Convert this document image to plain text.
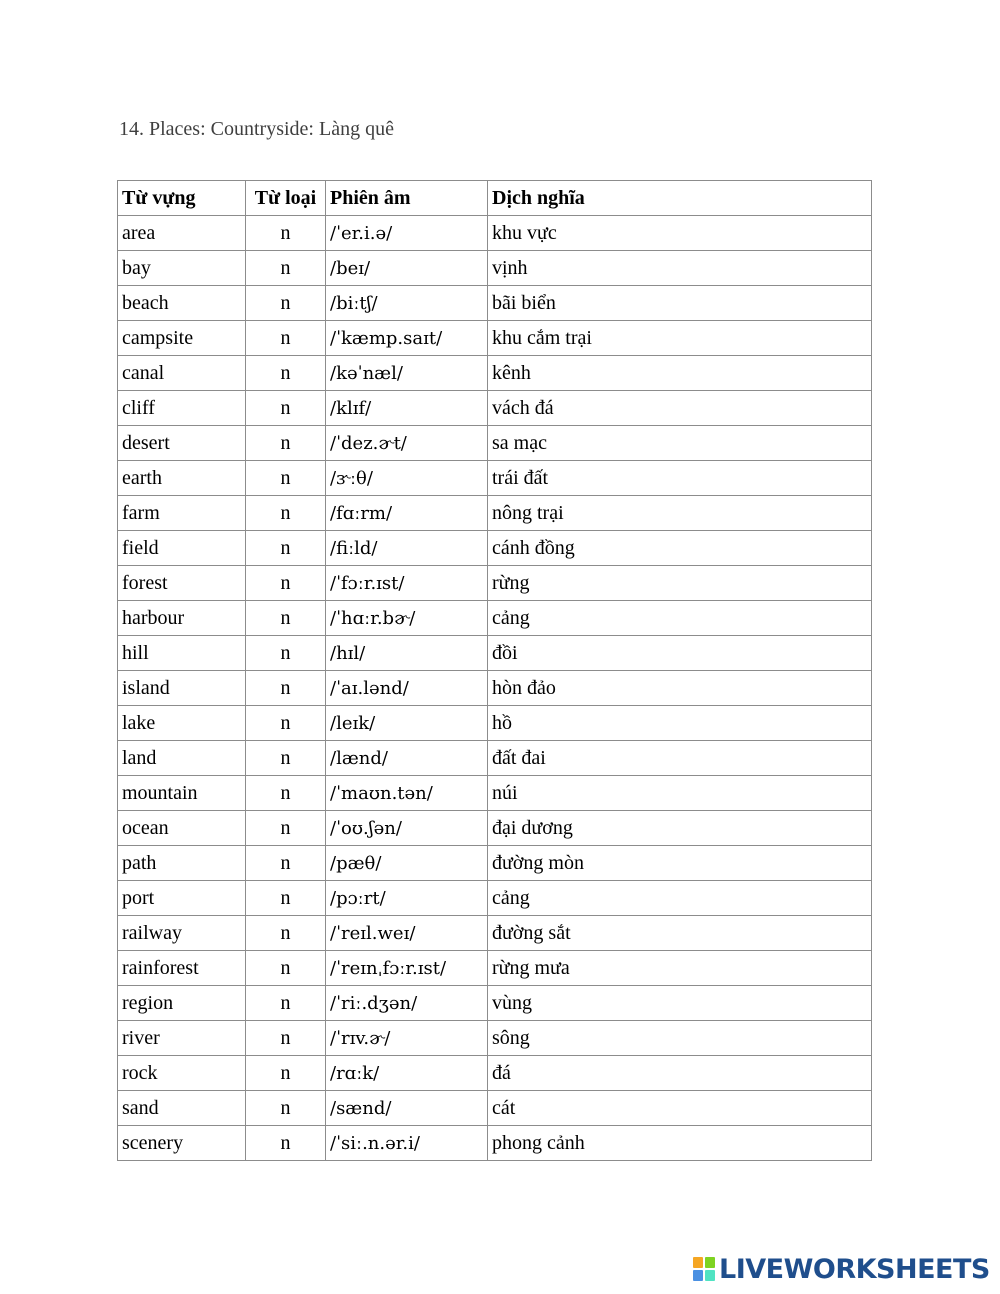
14. Places: Countryside: Làng quê
Từ vựng	Từ loại	Phiên âm	Dịch nghĩa
area	n	/ˈer.i.ə/	khu vực
bay	n	/beɪ/	vịnh
beach	n	/biːtʃ/	bãi biển
campsite	n	/ˈkæmp.saɪt/	khu cắm trại
canal	n	/kəˈnæl/	kênh
cliff	n	/klɪf/	vách đá
desert	n	/ˈdez.ɚt/	sa mạc
earth	n	/ɝːθ/	trái đất
farm	n	/fɑːrm/	nông trại
field	n	/fiːld/	cánh đồng
forest	n	/ˈfɔːr.ɪst/	rừng
harbour	n	/ˈhɑːr.bɚ/	cảng
hill	n	/hɪl/	đồi
island	n	/ˈaɪ.lənd/	hòn đảo
lake	n	/leɪk/	hồ
land	n	/lænd/	đất đai
mountain	n	/ˈmaʊn.tən/	núi
ocean	n	/ˈoʊ.ʃən/	đại dương
path	n	/pæθ/	đường mòn
port	n	/pɔːrt/	cảng
railway	n	/ˈreɪl.weɪ/	đường sắt
rainforest	n	/ˈreɪnˌfɔːr.ɪst/	rừng mưa
region	n	/ˈriː.dʒən/	vùng
river	n	/ˈrɪv.ɚ/	sông
rock	n	/rɑːk/	đá
sand	n	/sænd/	cát
scenery	n	/ˈsiː.n.ər.i/	phong cảnh
LIVEWORKSHEETS
